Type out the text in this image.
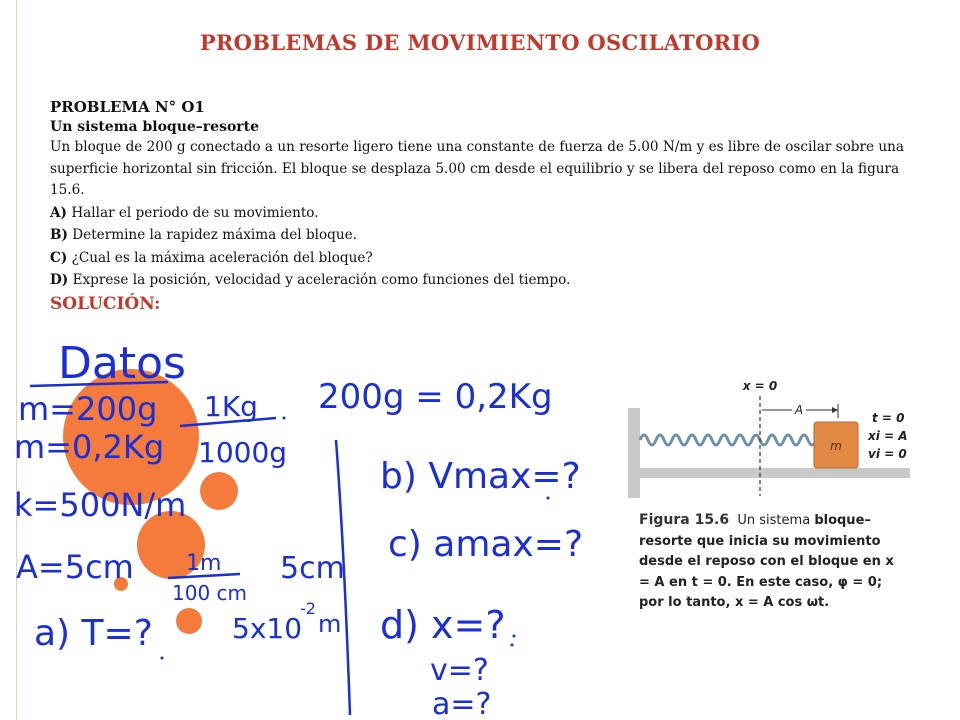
PROBLEMAS DE MOVIMIENTO OSCILATORIO

PROBLEMA N° O1

Un sistema bloque–resorte

Un bloque de 200 g conectado a un resorte ligero tiene una constante de fuerza de 5.00 N/m y es libre de oscilar sobre una superficie horizontal sin fricción. El bloque se desplaza 5.00 cm desde el equilibrio y se libera del reposo como en la figura 15.6.

A) Hallar el periodo de su movimiento.

B) Determine la rapidez máxima del bloque.

C) ¿Cual es la máxima aceleración del bloque?

D) Exprese la posición, velocidad y aceleración como funciones del tiempo.

SOLUCIÓN:

Datos
m=200g
m=0,2Kg
k=500N/m
A=5cm
a) T=?
1Kg
1000g
1m
100 cm
5cm
5x10
-2
m
200g = 0,2Kg
b) Vmax=?
c) amax=?
d) x=?
v=?
a=?
m
x = 0
A
t = 0
xi = A
vi = 0
Figura 15.6 Un sistema bloque–resorte que inicia su movimiento desde el reposo con el bloque en x = A en t = 0. En este caso, φ = 0; por lo tanto, x = A cos ωt.
